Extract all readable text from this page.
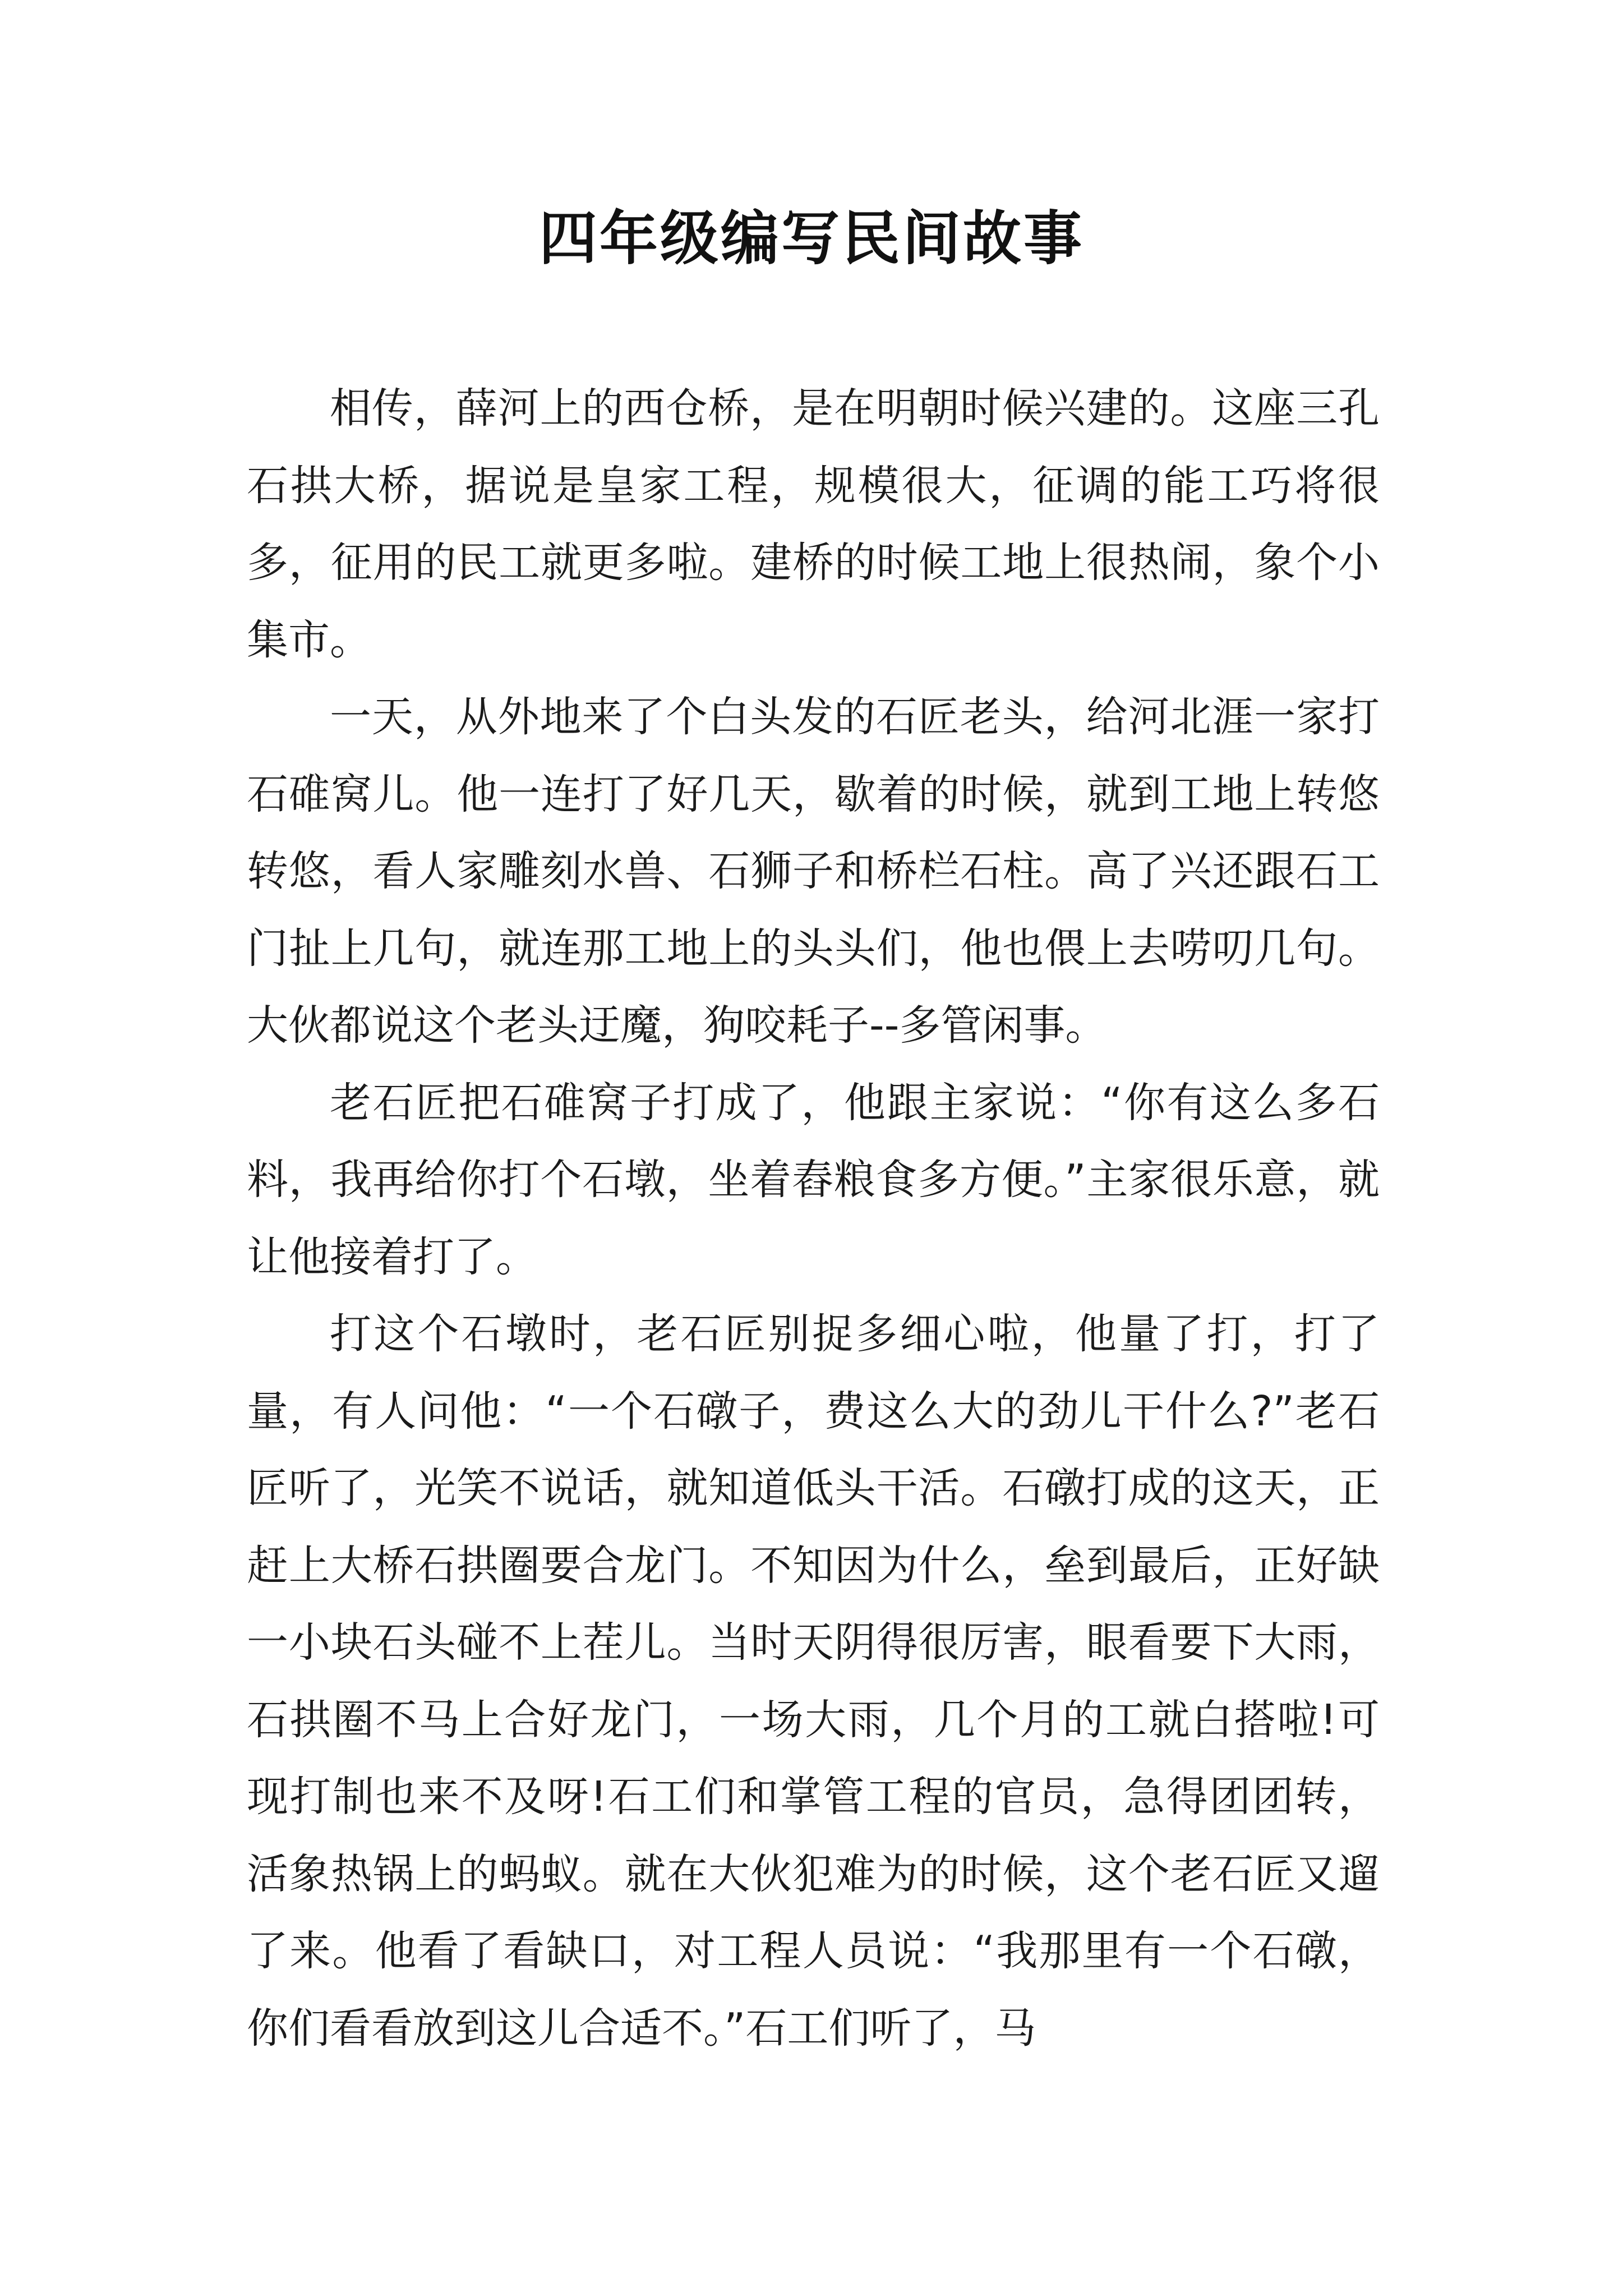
四年级编写民间故事

相传，薛河上的西仓桥，是在明朝时候兴建的。这座三孔石拱大桥，据说是皇家工程，规模很大，征调的能工巧将很多，征用的民工就更多啦。建桥的时候工地上很热闹，象个小集市。

一天，从外地来了个白头发的石匠老头，给河北涯一家打石碓窝儿。他一连打了好几天，歇着的时候，就到工地上转悠转悠，看人家雕刻水兽、石狮子和桥栏石柱。高了兴还跟石工门扯上几句，就连那工地上的头头们，他也偎上去唠叨几句。大伙都说这个老头迂魔，狗咬耗子--多管闲事。

老石匠把石碓窝子打成了，他跟主家说：“你有这么多石料，我再给你打个石墩，坐着舂粮食多方便。”主家很乐意，就让他接着打了。

打这个石墩时，老石匠别捉多细心啦，他量了打，打了量，有人问他：“一个石礅子，费这么大的劲儿干什么?”老石匠听了，光笑不说话，就知道低头干活。石礅打成的这天，正赶上大桥石拱圈要合龙门。不知因为什么，垒到最后，正好缺一小块石头碰不上茬儿。当时天阴得很厉害，眼看要下大雨，石拱圈不马上合好龙门，一场大雨，几个月的工就白搭啦!可现打制也来不及呀!石工们和掌管工程的官员，急得团团转，活象热锅上的蚂蚁。就在大伙犯难为的时候，这个老石匠又遛了来。他看了看缺口，对工程人员说：“我那里有一个石礅，你们看看放到这儿合适不。”石工们听了，马
